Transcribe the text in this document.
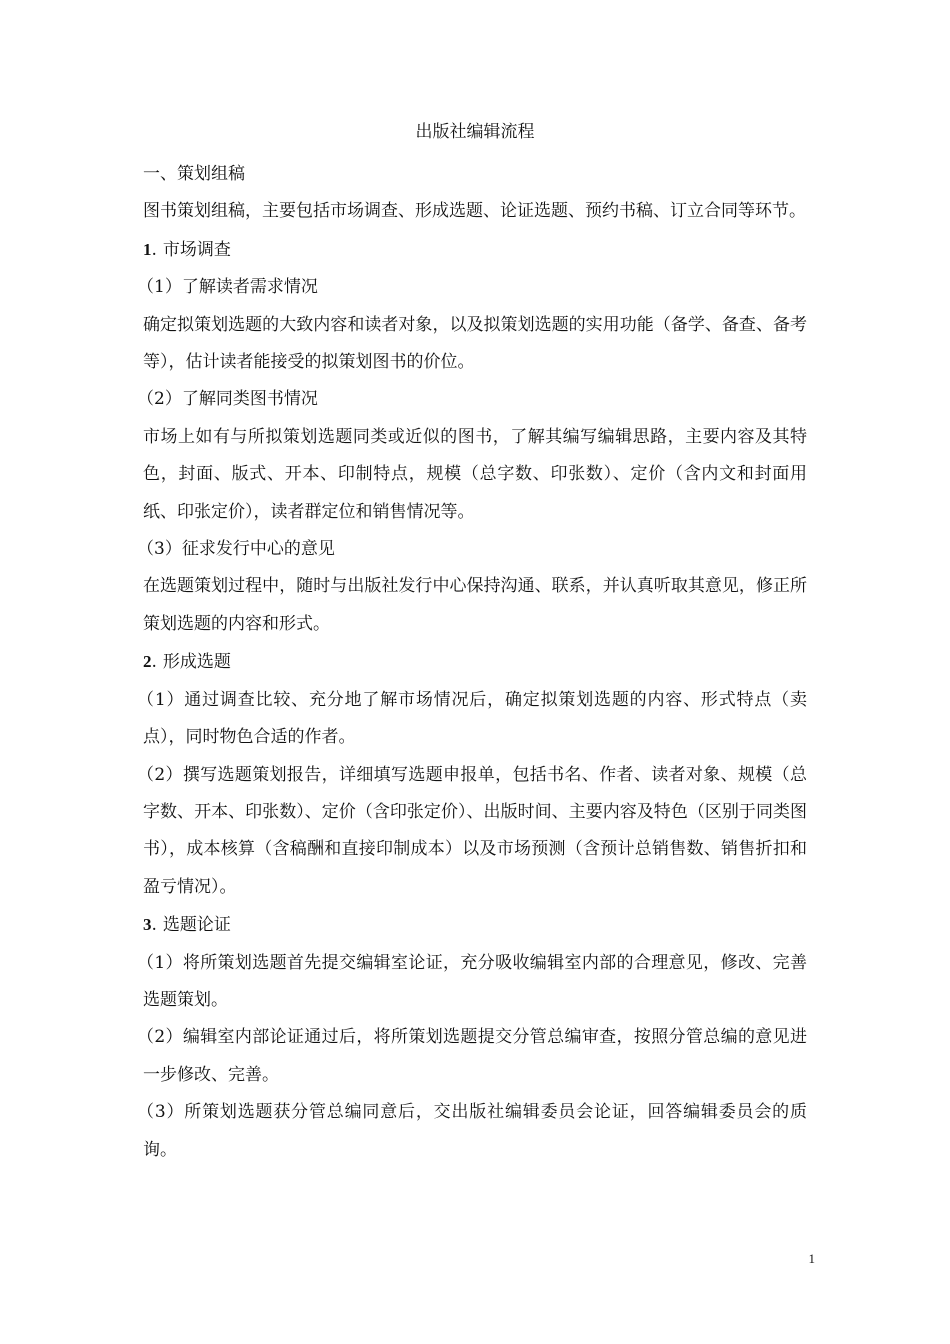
出版社编辑流程

一、策划组稿

图书策划组稿，主要包括市场调查、形成选题、论证选题、预约书稿、订立合同等环节。

1. 市场调查

（1）了解读者需求情况

确定拟策划选题的大致内容和读者对象，以及拟策划选题的实用功能（备学、备查、备考等），估计读者能接受的拟策划图书的价位。

（2）了解同类图书情况

市场上如有与所拟策划选题同类或近似的图书，了解其编写编辑思路，主要内容及其特色，封面、版式、开本、印制特点，规模（总字数、印张数）、定价（含内文和封面用纸、印张定价），读者群定位和销售情况等。

（3）征求发行中心的意见

在选题策划过程中，随时与出版社发行中心保持沟通、联系，并认真听取其意见，修正所策划选题的内容和形式。

2. 形成选题

（1）通过调查比较、充分地了解市场情况后，确定拟策划选题的内容、形式特点（卖点），同时物色合适的作者。

（2）撰写选题策划报告，详细填写选题申报单，包括书名、作者、读者对象、规模（总字数、开本、印张数）、定价（含印张定价）、出版时间、主要内容及特色（区别于同类图书），成本核算（含稿酬和直接印制成本）以及市场预测（含预计总销售数、销售折扣和盈亏情况）。

3. 选题论证

（1）将所策划选题首先提交编辑室论证，充分吸收编辑室内部的合理意见，修改、完善选题策划。

（2）编辑室内部论证通过后，将所策划选题提交分管总编审查，按照分管总编的意见进一步修改、完善。

（3）所策划选题获分管总编同意后，交出版社编辑委员会论证，回答编辑委员会的质询。

1
